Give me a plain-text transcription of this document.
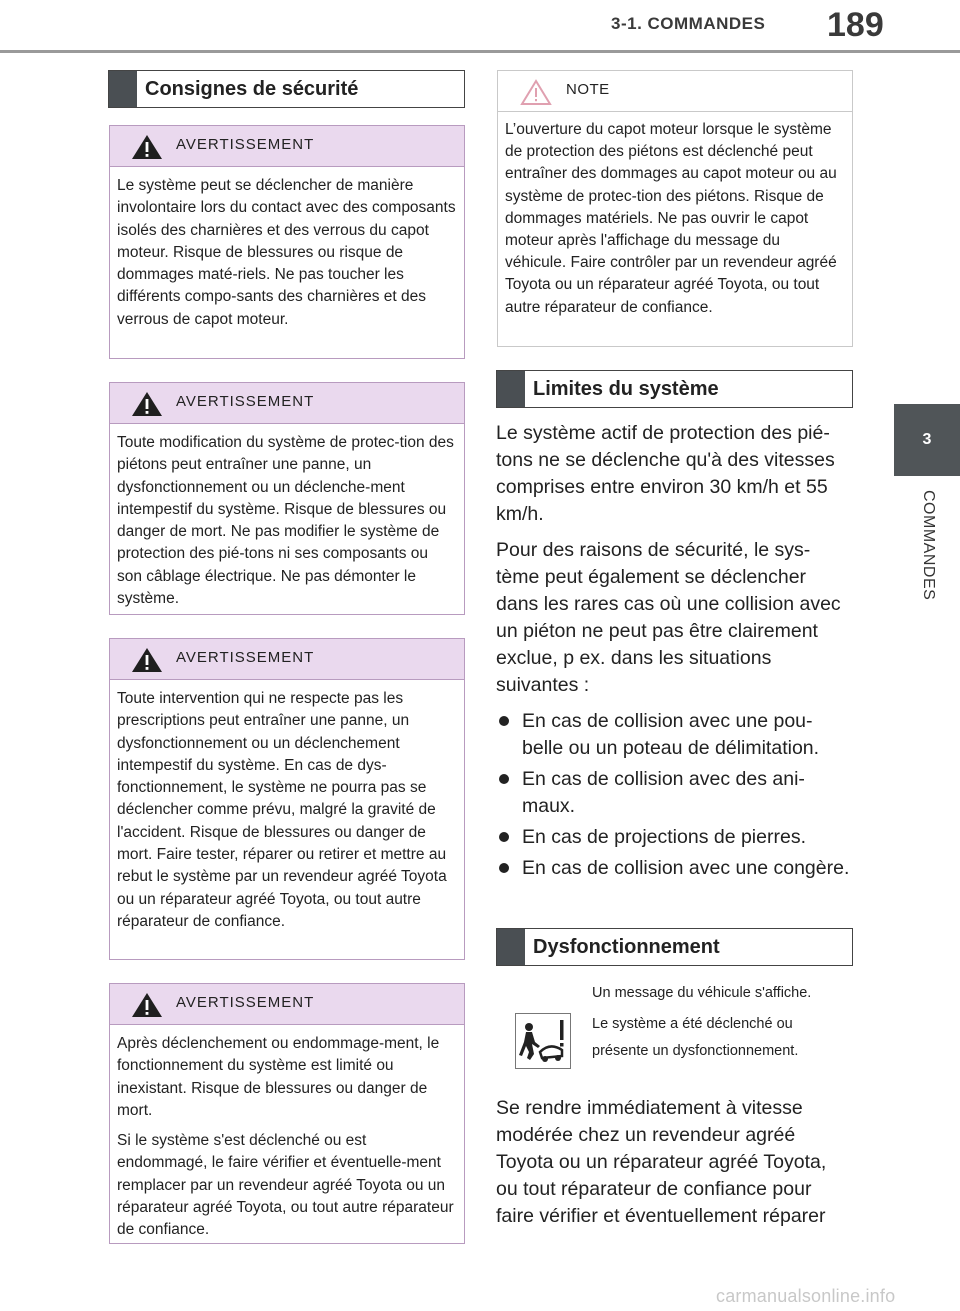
3-1. COMMANDES 189
3
COMMANDES
Consignes de sécurité
AVERTISSEMENT

Le système peut se déclencher de manière involontaire lors du contact avec des composants isolés des charnières et des verrous du capot moteur. Risque de blessures ou risque de dommages maté-riels. Ne pas toucher les différents compo-sants des charnières et des verrous de capot moteur.

AVERTISSEMENT

Toute modification du système de protec-tion des piétons peut entraîner une panne, un dysfonctionnement ou un déclenche-ment intempestif du système. Risque de blessures ou danger de mort. Ne pas modifier le système de protection des pié-tons ni ses composants ou son câblage électrique. Ne pas démonter le système.

AVERTISSEMENT

Toute intervention qui ne respecte pas les prescriptions peut entraîner une panne, un dysfonctionnement ou un déclenchement intempestif du système. En cas de dys-fonctionnement, le système ne pourra pas se déclencher comme prévu, malgré la gravité de l'accident. Risque de blessures ou danger de mort. Faire tester, réparer ou retirer et mettre au rebut le système par un revendeur agréé Toyota ou un réparateur agréé Toyota, ou tout autre réparateur de confiance.

AVERTISSEMENT

Après déclenchement ou endommage-ment, le fonctionnement du système est limité ou inexistant. Risque de blessures ou danger de mort.

Si le système s'est déclenché ou est endommagé, le faire vérifier et éventuelle-ment remplacer par un revendeur agréé Toyota ou un réparateur agréé Toyota, ou tout autre réparateur de confiance.

NOTE
L’ouverture du capot moteur lorsque le système de protection des piétons est déclenché peut entraîner des dommages au capot moteur ou au système de protec-tion des piétons. Risque de dommages matériels. Ne pas ouvrir le capot moteur après l'affichage du message du véhicule. Faire contrôler par un revendeur agréé Toyota ou un réparateur agréé Toyota, ou tout autre réparateur de confiance.
Limites du système

Le système actif de protection des pié-tons ne se déclenche qu'à des vitesses comprises entre environ 30 km/h et 55 km/h.

Pour des raisons de sécurité, le sys-tème peut également se déclencher dans les rares cas où une collision avec un piéton ne peut pas être clairement exclue, p ex. dans les situations suivantes :

En cas de collision avec une pou-belle ou un poteau de délimitation.
En cas de collision avec des ani-maux.
En cas de projections de pierres.
En cas de collision avec une congère.
Dysfonctionnement

Un message du véhicule s'affiche.

Le système a été déclenché ou présente un dysfonctionnement.

Se rendre immédiatement à vitesse modérée chez un revendeur agréé Toyota ou un réparateur agréé Toyota, ou tout réparateur de confiance pour faire vérifier et éventuellement réparer

carmanualsonline.info
